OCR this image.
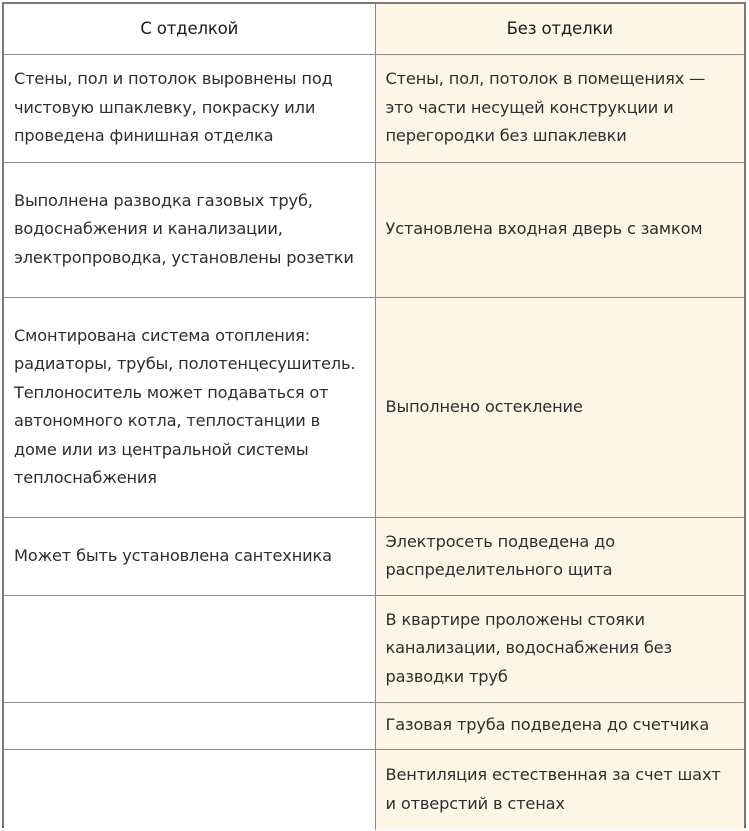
С отделкой	Без отделки
Стены, пол и потолок выровнены под чистовую шпаклевку, покраску или проведена финишная отделка	Стены, пол, потолок в помещениях — это части несущей конструкции и перегородки без шпаклевки
Выполнена разводка газовых труб, водоснабжения и канализации, электропроводка, установлены розетки	Установлена входная дверь с замком
Смонтирована система отопления: радиаторы, трубы, полотенцесушитель. Теплоноситель может подаваться от автономного котла, теплостанции в доме или из центральной системы теплоснабжения	Выполнено остекление
Может быть установлена сантехника	Электросеть подведена до распределительного щита
	В квартире проложены стояки канализации, водоснабжения без разводки труб
	Газовая труба подведена до счетчика
	Вентиляция естественная за счет шахт и отверстий в стенах
